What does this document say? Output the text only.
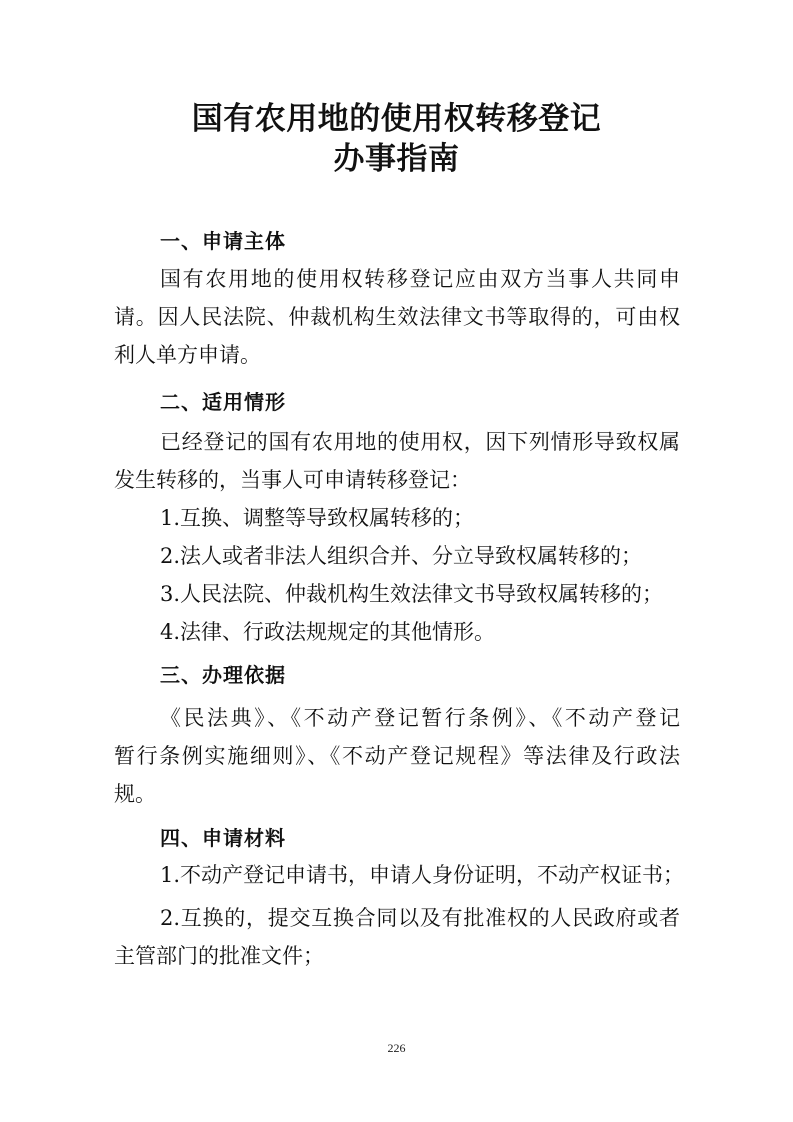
国有农用地的使用权转移登记
办事指南
一、申请主体
国有农用地的使用权转移登记应由双方当事人共同申
请。因人民法院、仲裁机构生效法律文书等取得的，可由权
利人单方申请。
二、适用情形
已经登记的国有农用地的使用权，因下列情形导致权属
发生转移的，当事人可申请转移登记：
1.互换、调整等导致权属转移的；
2.法人或者非法人组织合并、分立导致权属转移的；
3.人民法院、仲裁机构生效法律文书导致权属转移的；
4.法律、行政法规规定的其他情形。
三、办理依据
《民法典》、《不动产登记暂行条例》、《不动产登记
暂行条例实施细则》、《不动产登记规程》等法律及行政法
规。
四、申请材料
1.不动产登记申请书，申请人身份证明，不动产权证书；
2.互换的，提交互换合同以及有批准权的人民政府或者
主管部门的批准文件；
226
